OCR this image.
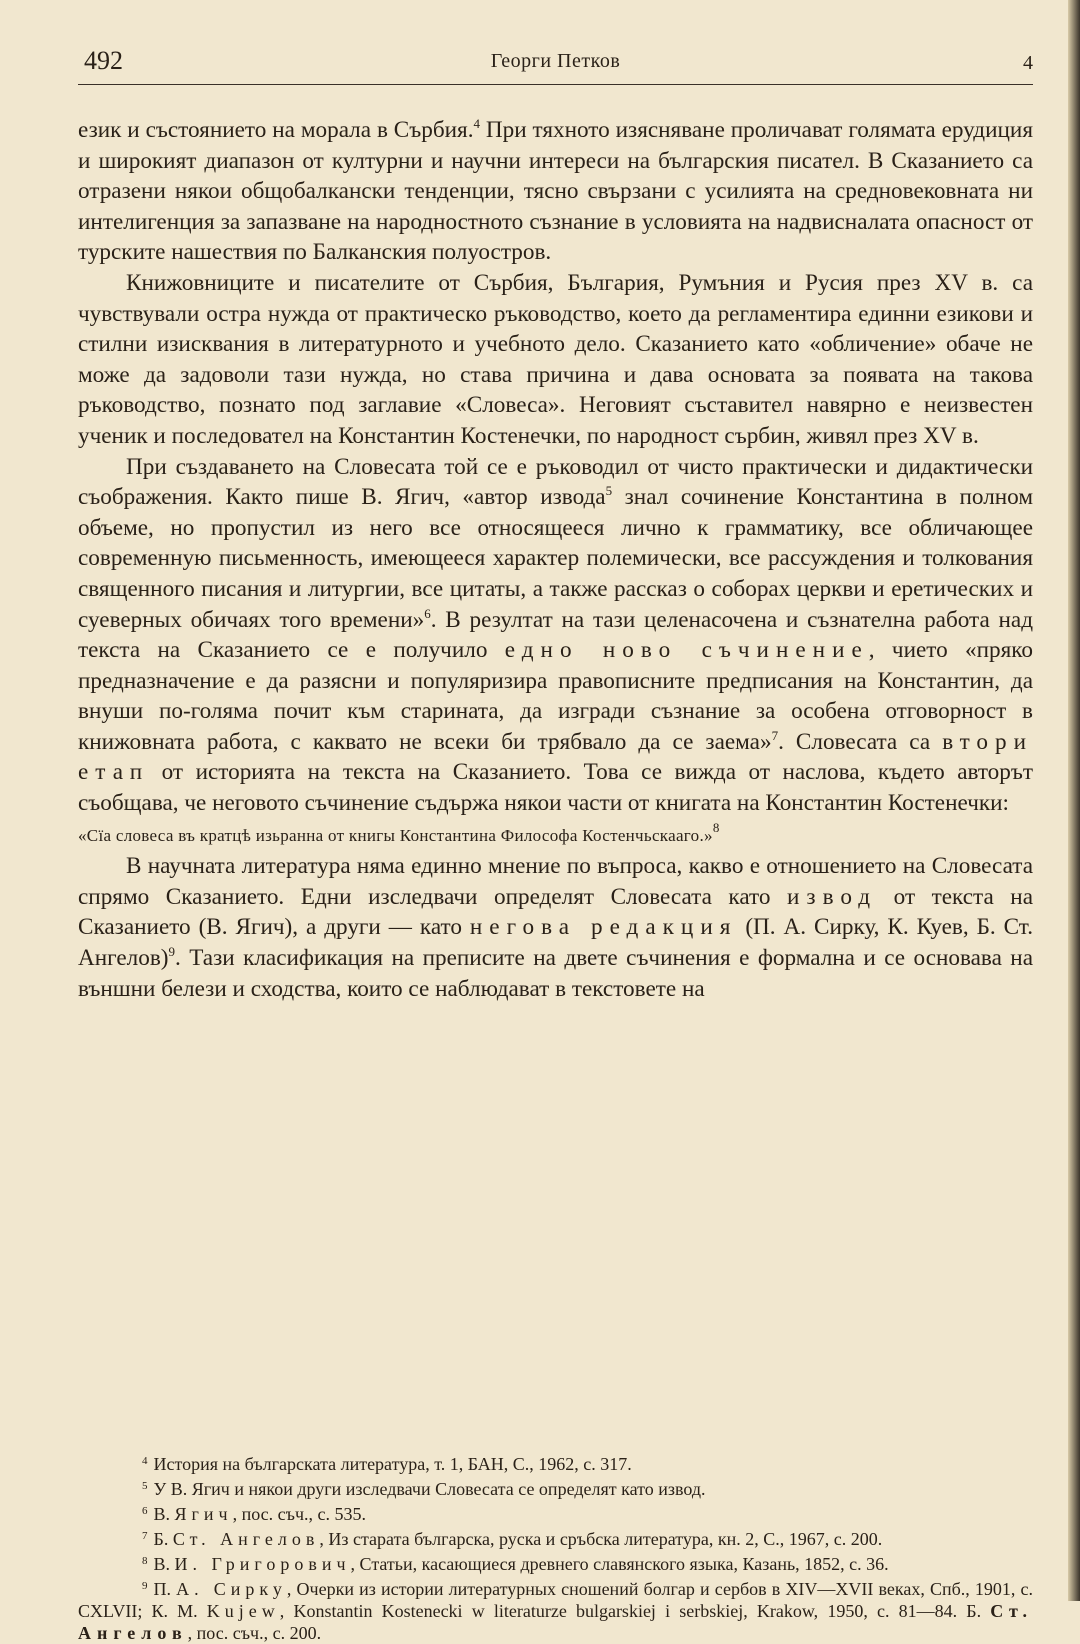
492	Георги Петков	4

език и състоянието на морала в Сърбия.$^4$ При тяхното изясняване проличават голямата ерудиция и широкият диапазон от културни и научни интереси на българския писател. В Сказанието са отразени някои общобалкански тенденции, тясно свързани с усилията на средновековната ни интелигенция за запазване на народностното съзнание в условията на надвисналата опасност от турските нашествия по Балканския полуостров.

Книжовниците и писателите от Сърбия, България, Румъния и Русия през XV в. са чувствували остра нужда от практическо ръководство, което да регламентира единни езикови и стилни изисквания в литературното и учебното дело. Сказанието като «обличение» обаче не може да задоволи тази нужда, но става причина и дава основата за появата на такова ръководство, познато под заглавие «Словеса». Неговият съставител навярно е неизвестен ученик и последовател на Константин Костенечки, по народност сърбин, живял през XV в.

При създаването на Словесата той се е ръководил от чисто практически и дидактически съображения. Както пише В. Ягич, «автор извода$^5$ знал сочинение Константина в полном объеме, но пропустил из него все относящееся лично к грамматику, все обличающее современную письменность, имеющееся характер полемически, все рассуждения и толкования священного писания и литургии, все цитаты, а также рассказ о соборах церкви и еретических и суеверных обичаях того времени»$^6$. В резултат на тази целенасочена и съзнателна работа над текста на Сказанието се е получило едно ново съчинение, чието «пряко предназначение е да разясни и популяризира правописните предписания на Константин, да внуши по-голяма почит към старината, да изгради съзнание за особена отговорност в книжовната работа, с каквато не всеки би трябвало да се заема»$^7$. Словесата са втори етап от историята на текста на Сказанието. Това се вижда от наслова, където авторът съобщава, че неговото съчинение съдържа някои части от книгата на Константин Костенечки:
«Сїа словеса въ кратцѣ изьранна от книгы Константина Философа Костенчьскааго.»$^8$

В научната литература няма единно мнение по въпроса, какво е отношението на Словесата спрямо Сказанието. Едни изследвачи определят Словесата като извод от текста на Сказанието (В. Ягич), а други — като негова редакция (П. А. Сирку, К. Куев, Б. Ст. Ангелов)$^9$. Тази класификация на преписите на двете съчинения е формална и се основава на външни белези и сходства, които се наблюдават в текстовете на

$^4$ История на българската литература, т. 1, БАН, С., 1962, с. 317.
$^5$ У В. Ягич и някои други изследвачи Словесата се определят като извод.
$^6$ В. Ягич, пос. съч., с. 535.
$^7$ Б. Ст. Ангелов, Из старата българска, руска и сръбска литература, кн. 2, С., 1967, с. 200.
$^8$ В. И. Григорович, Статьи, касающиеся древнего славянского языка, Казань, 1852, с. 36.
$^9$ П. А. Сирку, Очерки из истории литературных сношений болгар и сербов в XIV—XVII веках, Спб., 1901, с. CXLVII; К. М. Kujew, Konstantin Kostenecki w literaturze bulgarskiej i serbskiej, Krakow, 1950, с. 81—84. Б. Ст. Ангелов, пос. съч., с. 200.
